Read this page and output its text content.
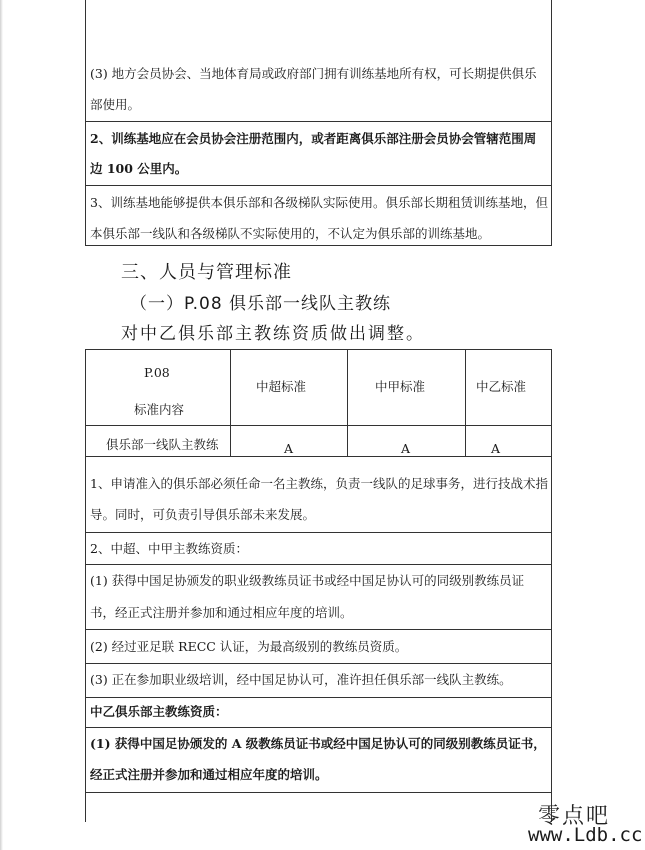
(3) 地方会员协会、当地体育局或政府部门拥有训练基地所有权，可长期提供俱乐
部使用。
2、训练基地应在会员协会注册范围内，或者距离俱乐部注册会员协会管辖范围周
边 100 公里内。
3、训练基地能够提供本俱乐部和各级梯队实际使用。俱乐部长期租赁训练基地，但
本俱乐部一线队和各级梯队不实际使用的，不认定为俱乐部的训练基地。
三、人员与管理标准
（一）P.08 俱乐部一线队主教练
对中乙俱乐部主教练资质做出调整。
P.08
标准内容
中超标准	中甲标准	中乙标准
俱乐部一线队主教练	A	A	A
1、申请准入的俱乐部必须任命一名主教练，负责一线队的足球事务，进行技战术指
导。同时，可负责引导俱乐部未来发展。
2、中超、中甲主教练资质：
(1) 获得中国足协颁发的职业级教练员证书或经中国足协认可的同级别教练员证
书，经正式注册并参加和通过相应年度的培训。
(2) 经过亚足联 RECC 认证，为最高级别的教练员资质。
(3) 正在参加职业级培训，经中国足协认可，准许担任俱乐部一线队主教练。
中乙俱乐部主教练资质：
(1) 获得中国足协颁发的 A 级教练员证书或经中国足协认可的同级别教练员证书，
经正式注册并参加和通过相应年度的培训。
零点吧
www.Ldb.cc
